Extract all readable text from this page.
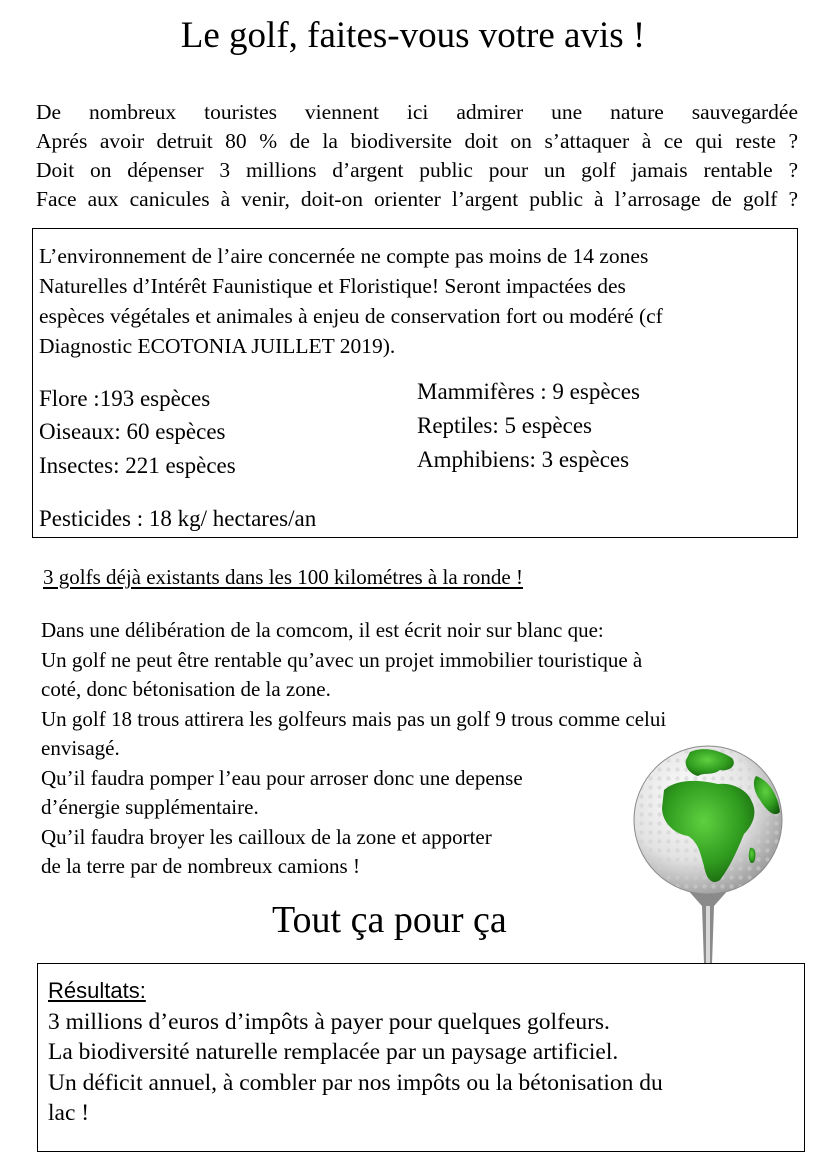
Le golf, faites-vous votre avis !
De nombreux touristes viennent ici admirer une nature sauvegardée
Aprés avoir detruit 80 % de la biodiversite doit on s’attaquer à ce qui reste ?
Doit on dépenser 3 millions d’argent public pour un golf jamais rentable ?
Face aux canicules à venir, doit-on orienter l’argent public à l’arrosage de golf ?
L’environnement de l’aire concernée ne compte pas moins de 14 zones
Naturelles d’Intérêt Faunistique et Floristique! Seront impactées des
espèces végétales et animales à enjeu de conservation fort ou modéré (cf
Diagnostic ECOTONIA JUILLET 2019).
Flore :193 espèces
Oiseaux: 60 espèces
Insectes: 221 espèces
Mammifères : 9 espèces
Reptiles: 5 espèces
Amphibiens: 3 espèces
Pesticides : 18 kg/ hectares/an
3 golfs déjà existants dans les 100 kilométres à la ronde !
Dans une délibération de la comcom, il est écrit noir sur blanc que:
Un golf ne peut être rentable qu’avec un projet immobilier touristique à
coté, donc bétonisation de la zone.
Un golf 18 trous attirera les golfeurs mais pas un golf 9 trous comme celui
envisagé.
Qu’il faudra pomper l’eau pour arroser donc une depense
d’énergie supplémentaire.
Qu’il faudra broyer les cailloux de la zone et apporter
de la terre par de nombreux camions !
Tout ça pour ça
Résultats:
3 millions d’euros d’impôts à payer pour quelques golfeurs.
La biodiversité naturelle remplacée par un paysage artificiel.
Un déficit annuel, à combler par nos impôts ou la bétonisation du
lac !
